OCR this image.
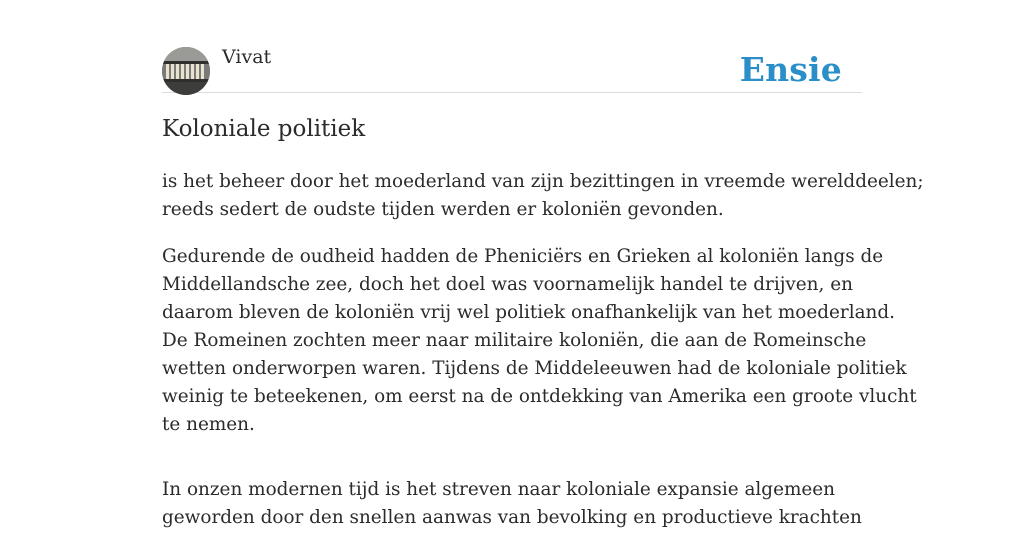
Vivat	Ensie
Koloniale politiek

is het beheer door het moederland van zijn bezittingen in vreemde werelddeelen;
reeds sedert de oudste tijden werden er koloniën gevonden.

Gedurende de oudheid hadden de Pheniciërs en Grieken al koloniën langs de
Middellandsche zee, doch het doel was voornamelijk handel te drijven, en
daarom bleven de koloniën vrij wel politiek onafhankelijk van het moederland.
De Romeinen zochten meer naar militaire koloniën, die aan de Romeinsche
wetten onderworpen waren. Tijdens de Middeleeuwen had de koloniale politiek
weinig te beteekenen, om eerst na de ontdekking van Amerika een groote vlucht
te nemen.

In onzen modernen tijd is het streven naar koloniale expansie algemeen
geworden door den snellen aanwas van bevolking en productieve krachten
